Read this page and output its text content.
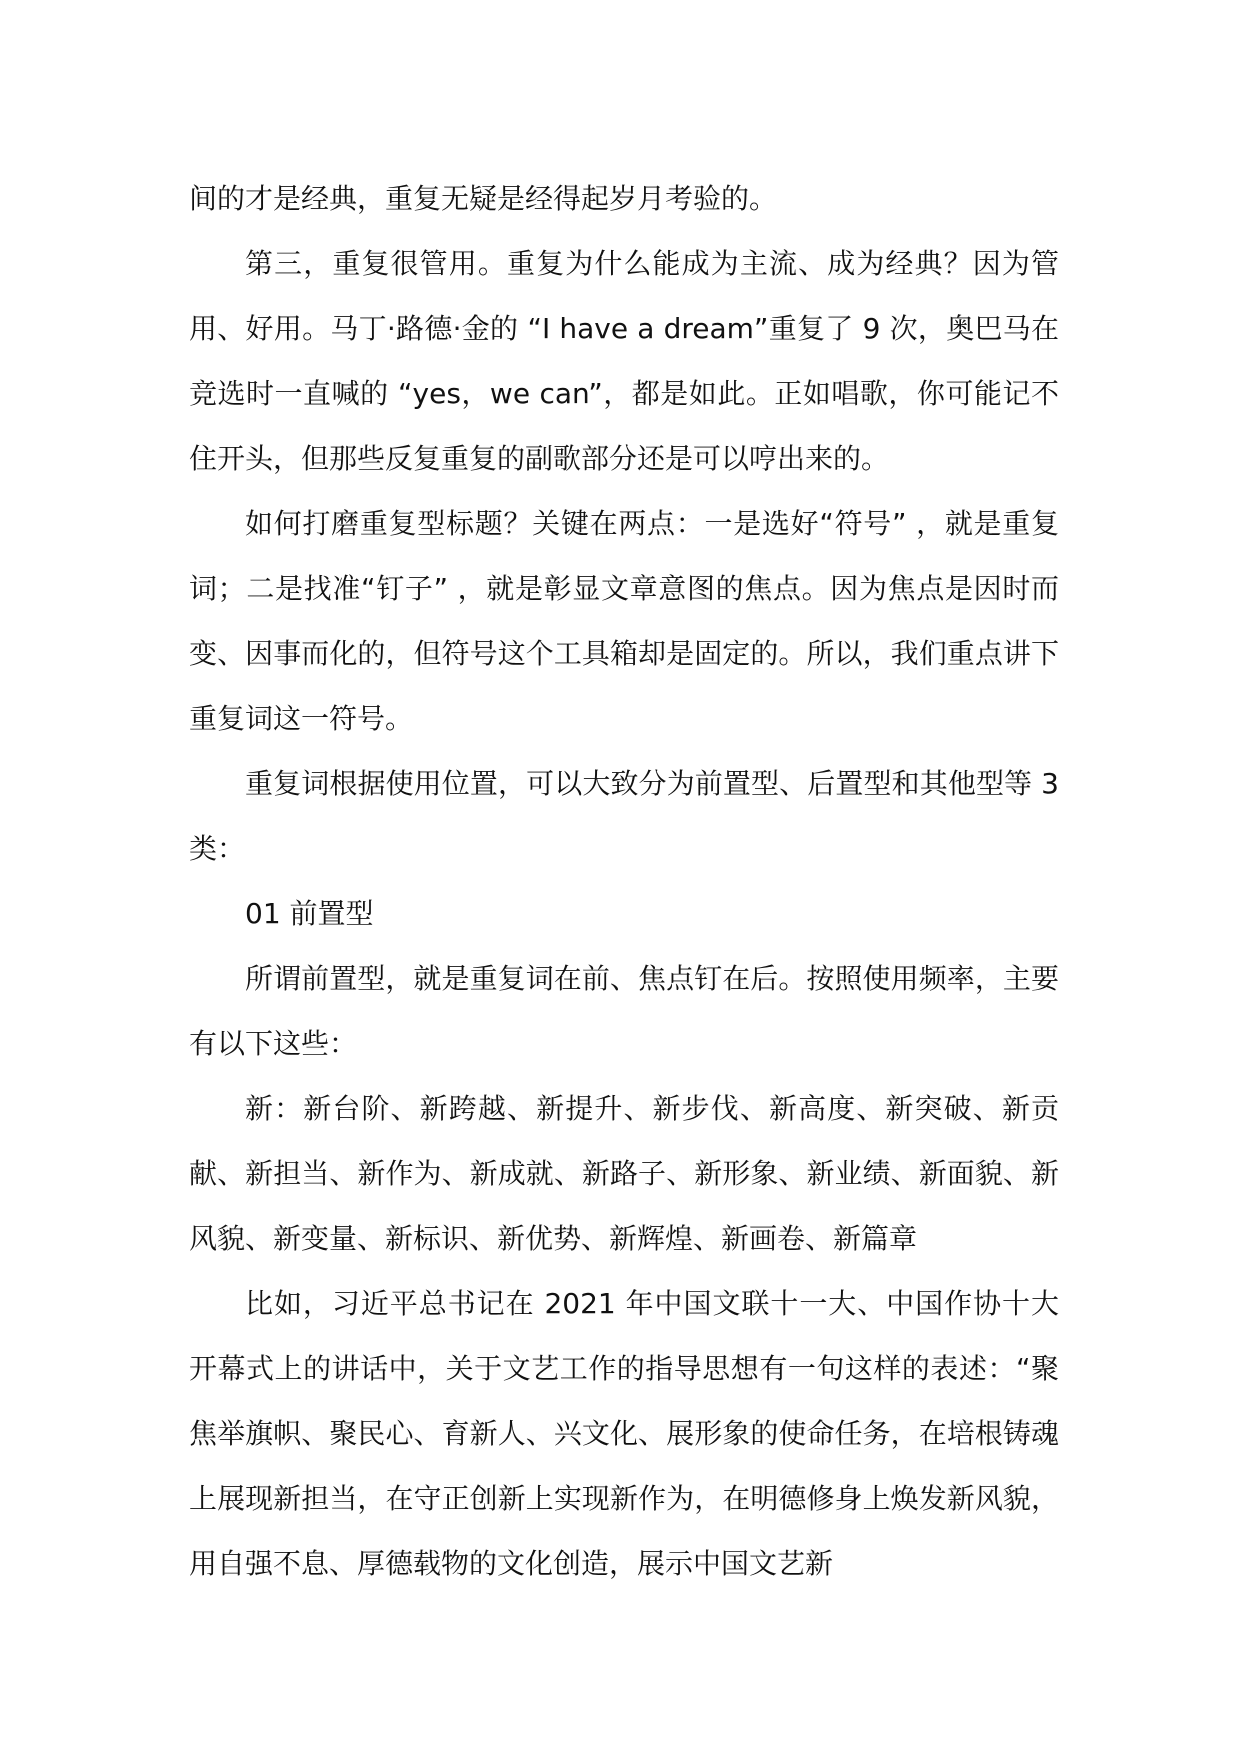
间的才是经典，重复无疑是经得起岁月考验的。

第三，重复很管用。重复为什么能成为主流、成为经典？因为管用、好用。马丁·路德·金的 “I have a dream”重复了 9 次，奥巴马在竞选时一直喊的 “yes，we can”，都是如此。正如唱歌，你可能记不住开头，但那些反复重复的副歌部分还是可以哼出来的。

如何打磨重复型标题？关键在两点：一是选好“符号” ，就是重复词；二是找准“钉子” ，就是彰显文章意图的焦点。因为焦点是因时而变、因事而化的，但符号这个工具箱却是固定的。所以，我们重点讲下重复词这一符号。

重复词根据使用位置，可以大致分为前置型、后置型和其他型等 3 类：

01 前置型

所谓前置型，就是重复词在前、焦点钉在后。按照使用频率，主要有以下这些：

新：新台阶、新跨越、新提升、新步伐、新高度、新突破、新贡献、新担当、新作为、新成就、新路子、新形象、新业绩、新面貌、新风貌、新变量、新标识、新优势、新辉煌、新画卷、新篇章

比如，习近平总书记在 2021 年中国文联十一大、中国作协十大开幕式上的讲话中，关于文艺工作的指导思想有一句这样的表述：“聚焦举旗帜、聚民心、育新人、兴文化、展形象的使命任务，在培根铸魂上展现新担当，在守正创新上实现新作为，在明德修身上焕发新风貌，用自强不息、厚德载物的文化创造，展示中国文艺新
